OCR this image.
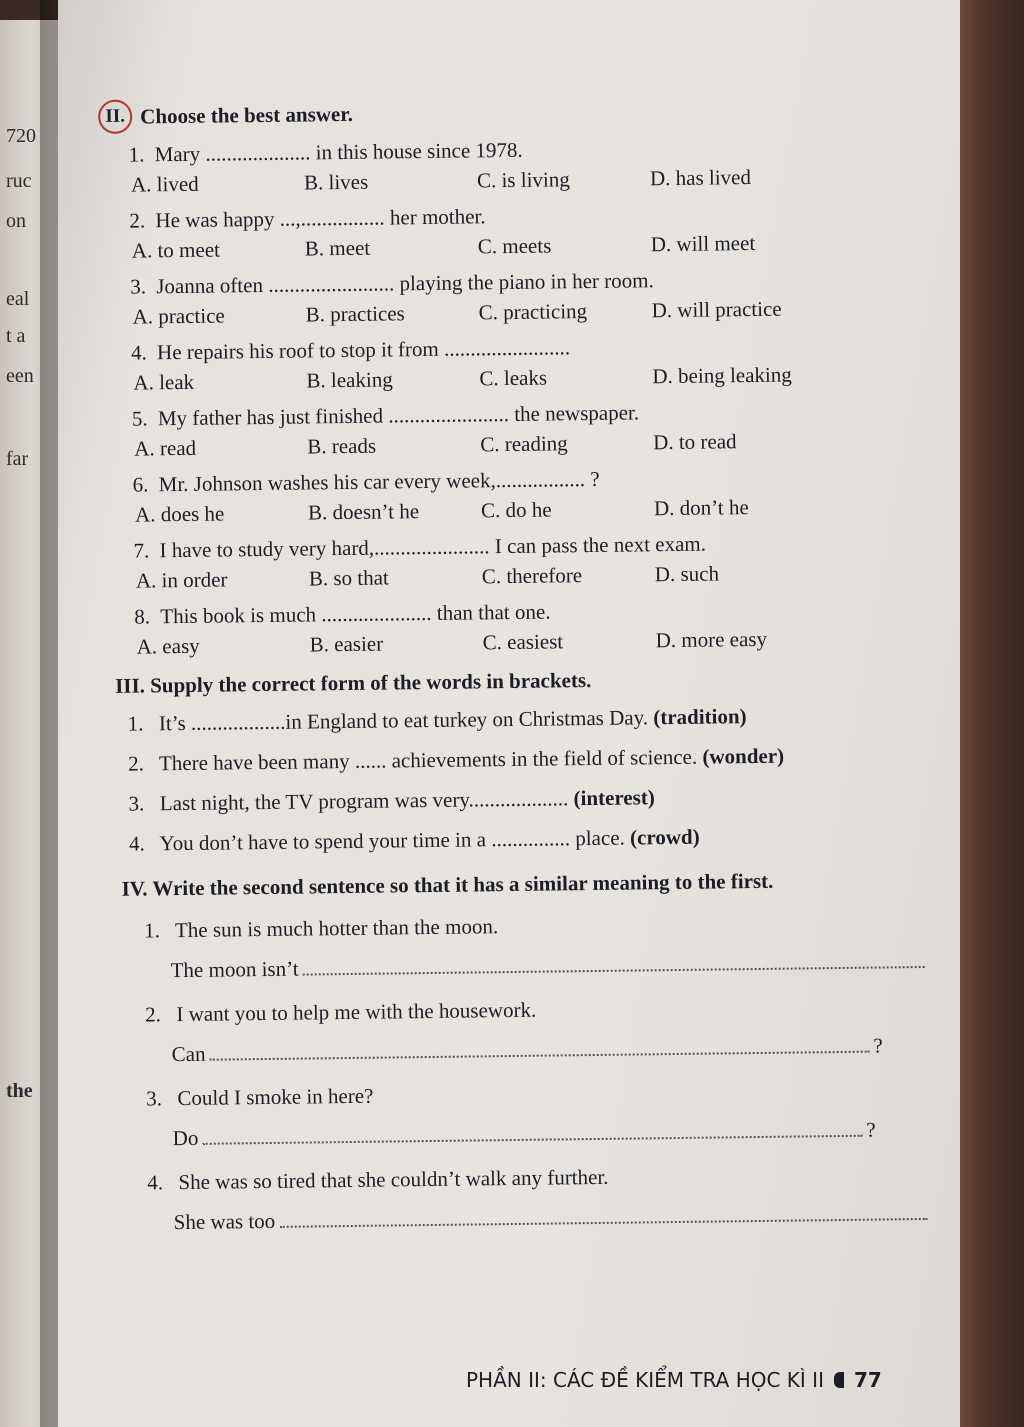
720
ruc
on
eal
t a
een
far
the
II. Choose the best answer.
1. Mary .................... in this house since 1978.
A. lived	B. lives	C. is living	D. has lived
2. He was happy ...,................ her mother.
A. to meet	B. meet	C. meets	D. will meet
3. Joanna often ........................ playing the piano in her room.
A. practice	B. practices	C. practicing	D. will practice
4. He repairs his roof to stop it from ........................
A. leak	B. leaking	C. leaks	D. being leaking
5. My father has just finished ....................... the newspaper.
A. read	B. reads	C. reading	D. to read
6. Mr. Johnson washes his car every week,................. ?
A. does he	B. doesn’t he	C. do he	D. don’t he
7. I have to study very hard,...................... I can pass the next exam.
A. in order	B. so that	C. therefore	D. such
8. This book is much ..................... than that one.
A. easy	B. easier	C. easiest	D. more easy

III. Supply the correct form of the words in brackets.

1. It’s ..................in England to eat turkey on Christmas Day. (tradition)
2. There have been many ...... achievements in the field of science. (wonder)
3. Last night, the TV program was very................... (interest)
4. You don’t have to spend your time in a ............... place. (crowd)

IV. Write the second sentence so that it has a similar meaning to the first.

1. The sun is much hotter than the moon.
The moon isn’t
2. I want you to help me with the housework.
Can	?
3. Could I smoke in here?
Do	?
4. She was so tired that she couldn’t walk any further.
She was too
PHẦN II: CÁC ĐỀ KIỂM TRA HỌC KÌ II 77
